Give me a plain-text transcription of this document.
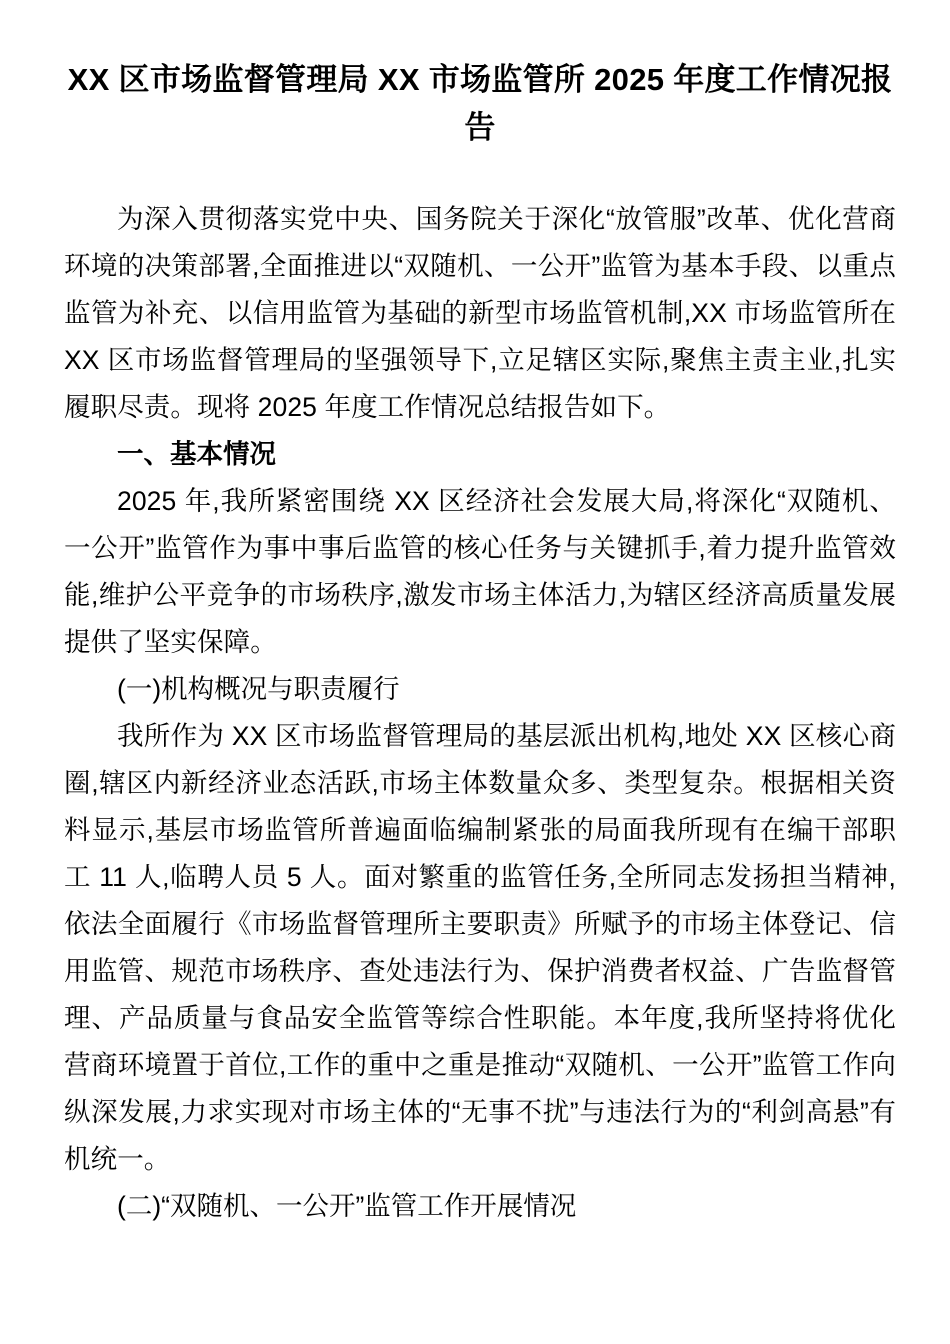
XX 区市场监督管理局 XX 市场监管所 2025 年度工作情况报告

为深入贯彻落实党中央、国务院关于深化“放管服”改革、优化营商环境的决策部署,全面推进以“双随机、一公开”监管为基本手段、以重点监管为补充、以信用监管为基础的新型市场监管机制,XX 市场监管所在 XX 区市场监督管理局的坚强领导下,立足辖区实际,聚焦主责主业,扎实履职尽责。现将 2025 年度工作情况总结报告如下。

一、基本情况

2025 年,我所紧密围绕 XX 区经济社会发展大局,将深化“双随机、一公开”监管作为事中事后监管的核心任务与关键抓手,着力提升监管效能,维护公平竞争的市场秩序,激发市场主体活力,为辖区经济高质量发展提供了坚实保障。

(一)机构概况与职责履行

我所作为 XX 区市场监督管理局的基层派出机构,地处 XX 区核心商圈,辖区内新经济业态活跃,市场主体数量众多、类型复杂。根据相关资料显示,基层市场监管所普遍面临编制紧张的局面我所现有在编干部职工 11 人,临聘人员 5 人。面对繁重的监管任务,全所同志发扬担当精神,依法全面履行《市场监督管理所主要职责》所赋予的市场主体登记、信用监管、规范市场秩序、查处违法行为、保护消费者权益、广告监督管理、产品质量与食品安全监管等综合性职能。本年度,我所坚持将优化营商环境置于首位,工作的重中之重是推动“双随机、一公开”监管工作向纵深发展,力求实现对市场主体的“无事不扰”与违法行为的“利剑高悬”有机统一。

(二)“双随机、一公开”监管工作开展情况
